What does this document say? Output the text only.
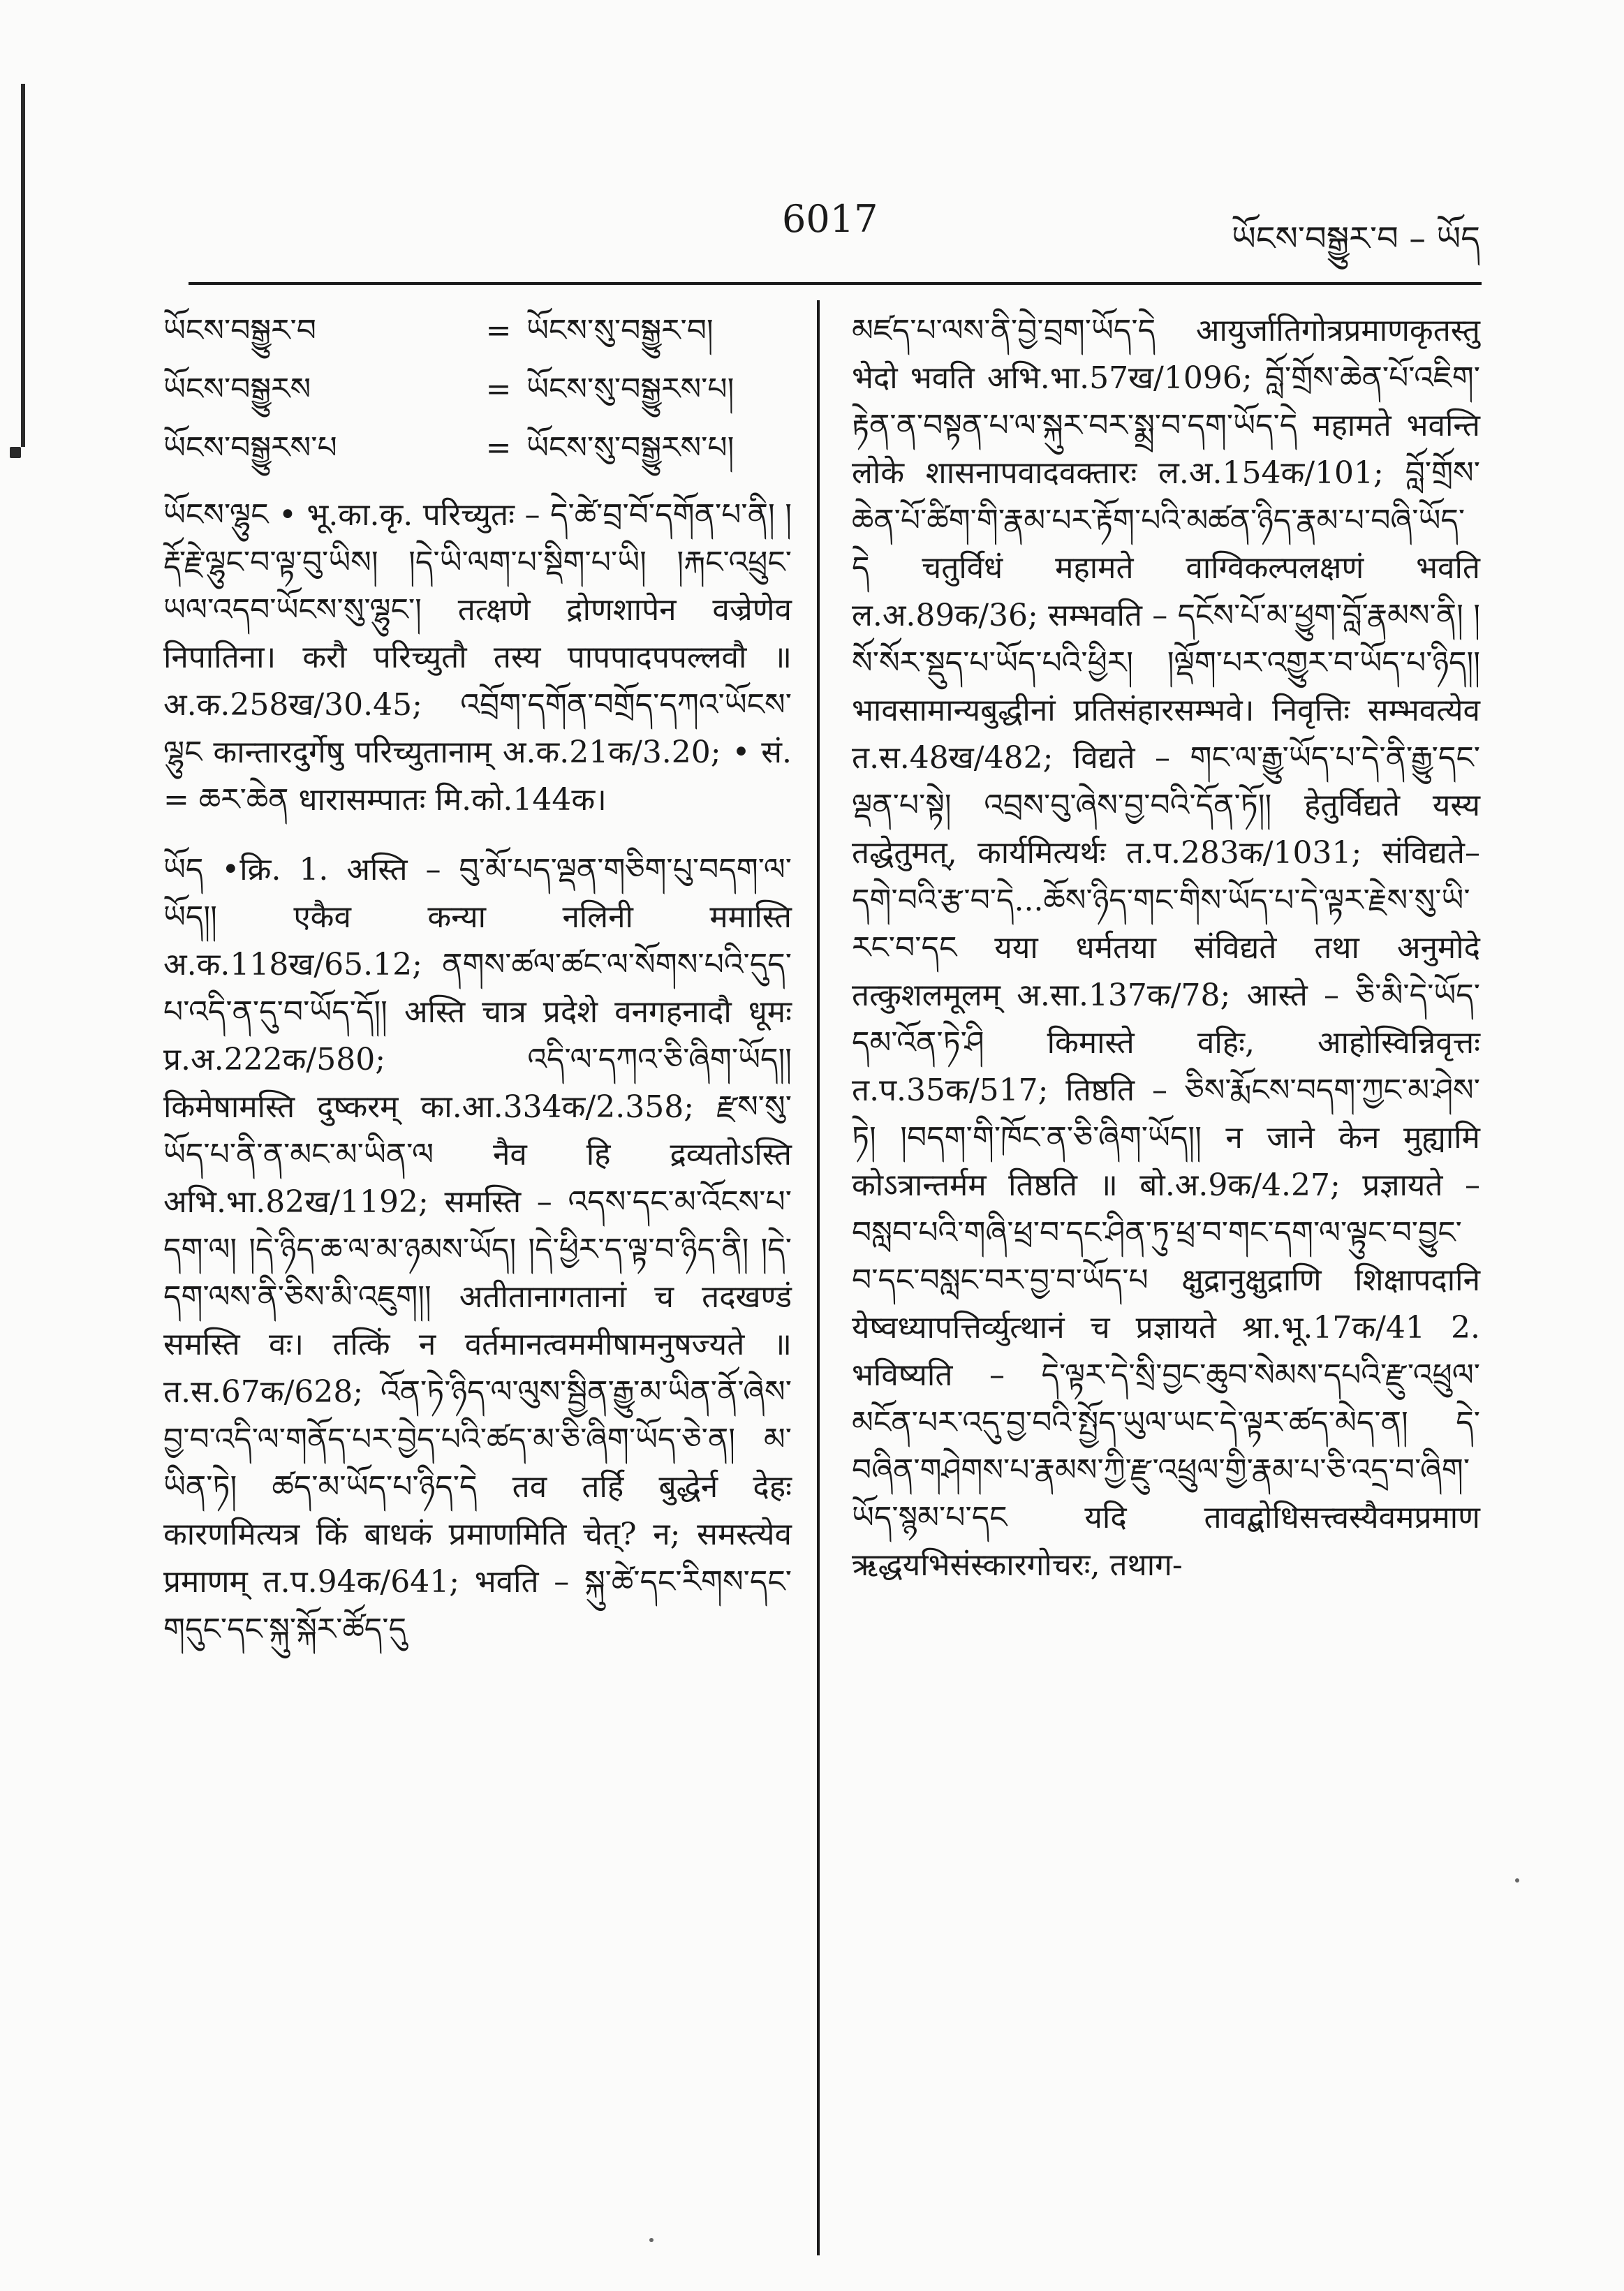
6017	ཡོངས་བསྒྱུར་བ – ཡོད
ཡོངས་བསྒྱུར་བ	= ཡོངས་སུ་བསྒྱུར་བ།
ཡོངས་བསྒྱུརས	= ཡོངས་སུ་བསྒྱུརས་པ།
ཡོངས་བསྒྱུརས་པ	= ཡོངས་སུ་བསྒྱུརས་པ།

ཡོངས་ལྷུང • भू.का.कृ. परिच्युतः – དེ་ཚེ་བྲ་བོ་དགོན་པ་ནི། །རྡོ་རྗེ་ལྷུང་བ་ལྟ་བུ་ཡིས། །དེ་ཡི་ལག་པ་སྡིག་པ་ཡི། །རྐང་འཕྲུང་ཡལ་འདབ་ཡོངས་སུ་ལྷུང་། तत्क्षणे द्रोणशापेन वज्रेणेव निपातिना। करौ परिच्युतौ तस्य पापपादपपल्लवौ ॥ अ.क.258ख/30.45; འབྲོག་དགོན་བགྲོད་དཀའ་ཡོངས་ལྷུང कान्तारदुर्गेषु परिच्युतानाम् अ.क.21क/3.20; • सं. = ཆར་ཆེན धारासम्पातः मि.को.144क।

ཡོད •क्रि. 1. अस्ति – བུ་མོ་པད་ལྡན་གཅིག་པུ་བདག་ལ་ཡོད།། एकैव कन्या नलिनी ममास्ति अ.क.118ख/65.12; ནགས་ཚལ་ཚང་ལ་སོགས་པའི་དུད་པ་འདི་ན་དུ་བ་ཡོད་དོ།། अस्ति चात्र प्रदेशे वनगहनादौ धूमः प्र.अ.222क/580; འདི་ལ་དཀའ་ཅི་ཞིག་ཡོད།། किमेषामस्ति दुष्करम् का.आ.334क/2.358; རྫས་སུ་ཡོད་པ་ནི་ན་མང་མ་ཡིན་ལ नैव हि द्रव्यतोऽस्ति अभि.भा.82ख/1192; समस्ति – འདས་དང་མ་འོངས་པ་དག་ལ། །དེ་ཉིད་ཆ་ལ་མ་ཉམས་ཡོད། །དེ་ཕྱིར་ད་ལྟ་བ་ཉིད་ནི། །དེ་དག་ལས་ནི་ཅིས་མི་འཇུག།། अतीतानागतानां च तदखण्डं समस्ति वः। तत्किं न वर्तमानत्वममीषामनुषज्यते ॥ त.स.67क/628; འོན་ཏེ་ཉིད་ལ་ལུས་སྦྱིན་རྒྱུ་མ་ཡིན་ནོ་ཞེས་བྱ་བ་འདི་ལ་གནོད་པར་བྱེད་པའི་ཚད་མ་ཅི་ཞིག་ཡོད་ཅེ་ན། མ་ཡིན་ཏེ། ཚད་མ་ཡོད་པ་ཉིད་དེ तव तर्हि बुद्धेर्न देहः कारणमित्यत्र किं बाधकं प्रमाणमिति चेत्? न; समस्त्येव प्रमाणम् त.प.94क/641; भवति – སྐུ་ཚེ་དང་རིགས་དང་གདུང་དང་སྐུ་སྐོར་ཚོད་དུ

མཛད་པ་ལས་ནི་བྱེ་བྲག་ཡོད་དེ आयुर्जातिगोत्रप्रमाणकृतस्तु भेदो भवति अभि.भा.57ख/1096; བློ་གྲོས་ཆེན་པོ་འཇིག་རྟེན་ན་བསྟན་པ་ལ་སྐུར་བར་སྨྲ་བ་དག་ཡོད་དེ महामते भवन्ति लोके शासनापवादवक्तारः ल.अ.154क/101; བློ་གྲོས་ཆེན་པོ་ཚིག་གི་རྣམ་པར་རྟོག་པའི་མཚན་ཉིད་རྣམ་པ་བཞི་ཡོད་དེ चतुर्विधं महामते वाग्विकल्पलक्षणं भवति ल.अ.89क/36; सम्भवति – དངོས་པོ་མ་ཕྱུག་བློ་རྣམས་ནི། །སོ་སོར་སྡུད་པ་ཡོད་པའི་ཕྱིར། །ལྡོག་པར་འགྱུར་བ་ཡོད་པ་ཉིད།། भावसामान्यबुद्धीनां प्रतिसंहारसम्भवे। निवृत्तिः सम्भवत्येव त.स.48ख/482; विद्यते – གང་ལ་རྒྱུ་ཡོད་པ་དེ་ནི་རྒྱུ་དང་ལྡན་པ་སྟེ། འབྲས་བུ་ཞེས་བྱ་བའི་དོན་ཏོ།། हेतुर्विद्यते यस्य तद्धेतुमत्, कार्यमित्यर्थः त.प.283क/1031; संविद्यते–དགེ་བའི་རྩ་བ་དེ...ཆོས་ཉིད་གང་གིས་ཡོད་པ་དེ་ལྟར་རྗེས་སུ་ཡི་རང་བ་དང यया धर्मतया संविद्यते तथा अनुमोदे तत्कुशलमूलम् अ.सा.137क/78; आस्ते – ཅི་མི་དེ་ཡོད་དམ་འོན་ཏེ་ཤི किमास्ते वहिः, आहोस्विन्निवृत्तः त.प.35क/517; तिष्ठति – ཅིས་རྨོངས་བདག་ཀྱང་མ་ཤེས་ཏེ། །བདག་གི་ཁོང་ན་ཅི་ཞིག་ཡོད།། न जाने केन मुह्यामि कोऽत्रान्तर्मम तिष्ठति ॥ बो.अ.9क/4.27; प्रज्ञायते – བསླབ་པའི་གཞི་ཕྲ་བ་དང་ཤིན་ཏུ་ཕྲ་བ་གང་དག་ལ་ལྟུང་བ་བྱུང་བ་དང་བསླང་བར་བྱ་བ་ཡོད་པ क्षुद्रानुक्षुद्राणि शिक्षापदानि येष्वध्यापत्तिर्व्युत्थानं च प्रज्ञायते श्रा.भू.17क/41 2. भविष्यति – དེ་ལྟར་དེ་སྲི་བྱང་ཆུབ་སེམས་དཔའི་རྫུ་འཕྲུལ་མངོན་པར་འདུ་བྱ་བའི་སྤྱོད་ཡུལ་ཡང་དེ་ལྟར་ཚད་མེད་ན། དེ་བཞིན་གཤེགས་པ་རྣམས་ཀྱི་རྫུ་འཕྲུལ་གྱི་རྣམ་པ་ཅི་འདྲ་བ་ཞིག་ཡོད་སྙམ་པ་དང यदि तावद्बोधिसत्त्वस्यैवमप्रमाण ऋद्धयभिसंस्कारगोचरः, तथाग-
